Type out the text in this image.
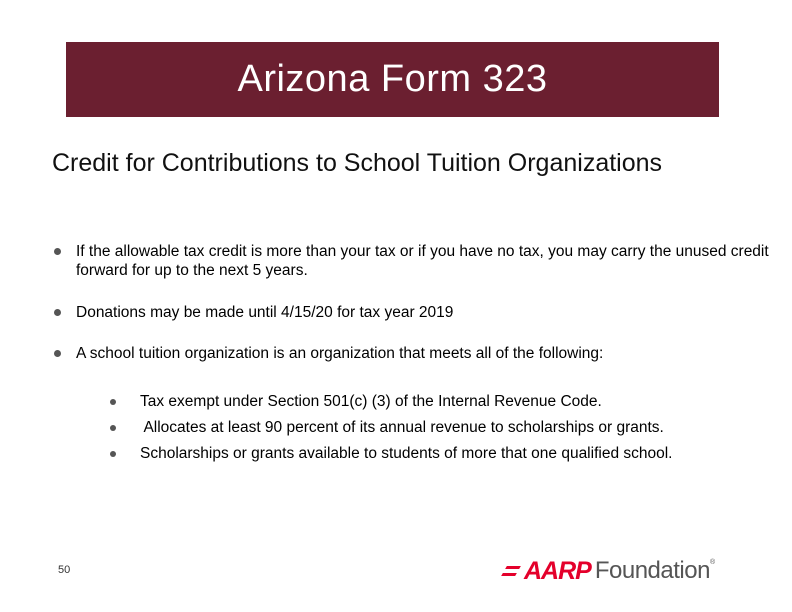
Arizona Form 323
Credit for Contributions to School Tuition Organizations
If the allowable tax credit is more than your tax or if you have no tax, you may carry the unused credit forward for up to the next 5 years.
Donations may be made until 4/15/20 for tax year 2019
A school tuition organization is an organization that meets all of the following:
Tax exempt under Section 501(c) (3) of the Internal Revenue Code.
Allocates at least 90 percent of its annual revenue to scholarships or grants.
Scholarships or grants available to students of more that one qualified school.
50	AARP Foundation ®
